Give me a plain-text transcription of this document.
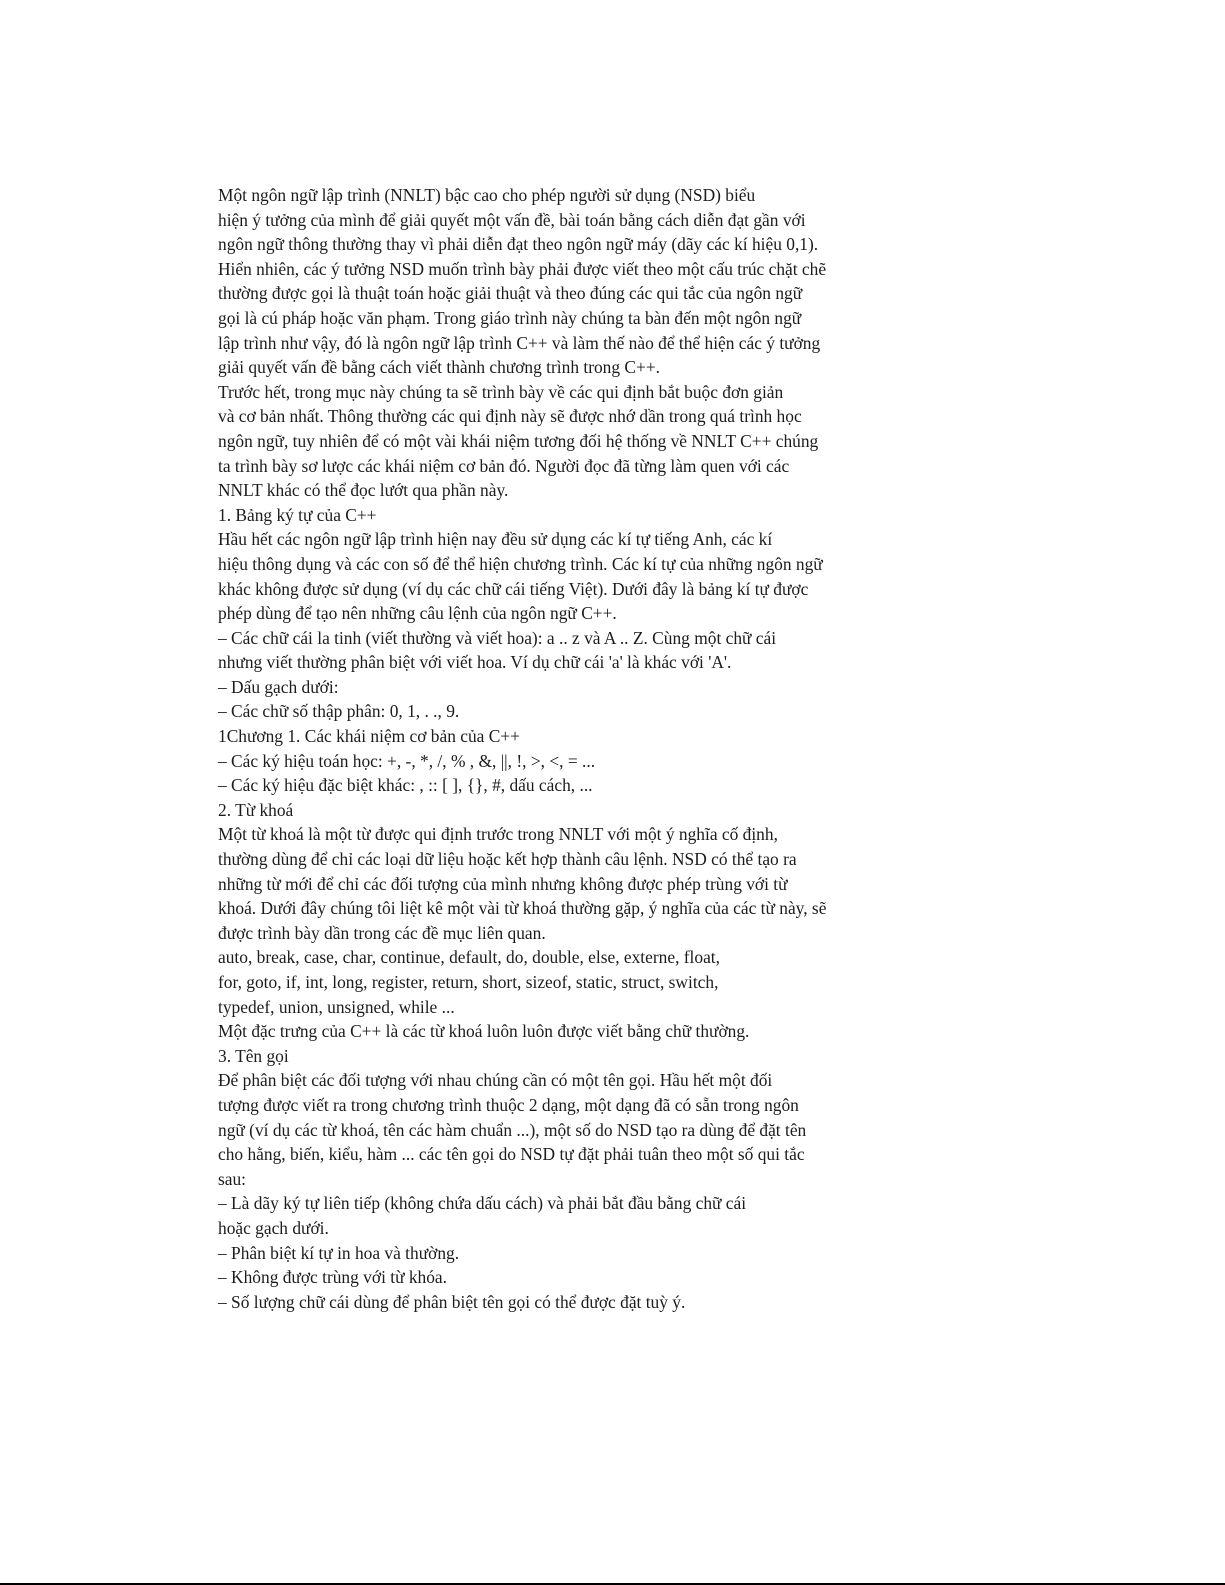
Một ngôn ngữ lập trình (NNLT) bậc cao cho phép người sử dụng (NSD) biểu
hiện ý tưởng của mình để giải quyết một vấn đề, bài toán bằng cách diễn đạt gần với
ngôn ngữ thông thường thay vì phải diễn đạt theo ngôn ngữ máy (dãy các kí hiệu 0,1).
Hiển nhiên, các ý tưởng NSD muốn trình bày phải được viết theo một cấu trúc chặt chẽ
thường được gọi là thuật toán hoặc giải thuật và theo đúng các qui tắc của ngôn ngữ
gọi là cú pháp hoặc văn phạm. Trong giáo trình này chúng ta bàn đến một ngôn ngữ
lập trình như vậy, đó là ngôn ngữ lập trình C++ và làm thế nào để thể hiện các ý tưởng
giải quyết vấn đề bằng cách viết thành chương trình trong C++.
Trước hết, trong mục này chúng ta sẽ trình bày về các qui định bắt buộc đơn giản
và cơ bản nhất. Thông thường các qui định này sẽ được nhớ dần trong quá trình học
ngôn ngữ, tuy nhiên để có một vài khái niệm tương đối hệ thống về NNLT C++ chúng
ta trình bày sơ lược các khái niệm cơ bản đó. Người đọc đã từng làm quen với các
NNLT khác có thể đọc lướt qua phần này.
1. Bảng ký tự của C++
Hầu hết các ngôn ngữ lập trình hiện nay đều sử dụng các kí tự tiếng Anh, các kí
hiệu thông dụng và các con số để thể hiện chương trình. Các kí tự của những ngôn ngữ
khác không được sử dụng (ví dụ các chữ cái tiếng Việt). Dưới đây là bảng kí tự được
phép dùng để tạo nên những câu lệnh của ngôn ngữ C++.
– Các chữ cái la tinh (viết thường và viết hoa): a .. z và A .. Z. Cùng một chữ cái
nhưng viết thường phân biệt với viết hoa. Ví dụ chữ cái 'a' là khác với 'A'.
– Dấu gạch dưới:
– Các chữ số thập phân: 0, 1, . ., 9.
1Chương 1. Các khái niệm cơ bản của C++
– Các ký hiệu toán học: +, -, *, /, % , &, ||, !, >, <, = ...
– Các ký hiệu đặc biệt khác: , :: [ ], {}, #, dấu cách, ...
2. Từ khoá
Một từ khoá là một từ được qui định trước trong NNLT với một ý nghĩa cố định,
thường dùng để chỉ các loại dữ liệu hoặc kết hợp thành câu lệnh. NSD có thể tạo ra
những từ mới để chỉ các đối tượng của mình nhưng không được phép trùng với từ
khoá. Dưới đây chúng tôi liệt kê một vài từ khoá thường gặp, ý nghĩa của các từ này, sẽ
được trình bày dần trong các đề mục liên quan.
auto, break, case, char, continue, default, do, double, else, externe, float,
for, goto, if, int, long, register, return, short, sizeof, static, struct, switch,
typedef, union, unsigned, while ...
Một đặc trưng của C++ là các từ khoá luôn luôn được viết bằng chữ thường.
3. Tên gọi
Để phân biệt các đối tượng với nhau chúng cần có một tên gọi. Hầu hết một đối
tượng được viết ra trong chương trình thuộc 2 dạng, một dạng đã có sẵn trong ngôn
ngữ (ví dụ các từ khoá, tên các hàm chuẩn ...), một số do NSD tạo ra dùng để đặt tên
cho hằng, biến, kiểu, hàm ... các tên gọi do NSD tự đặt phải tuân theo một số qui tắc
sau:
– Là dãy ký tự liên tiếp (không chứa dấu cách) và phải bắt đầu bằng chữ cái
hoặc gạch dưới.
– Phân biệt kí tự in hoa và thường.
– Không được trùng với từ khóa.
– Số lượng chữ cái dùng để phân biệt tên gọi có thể được đặt tuỳ ý.
